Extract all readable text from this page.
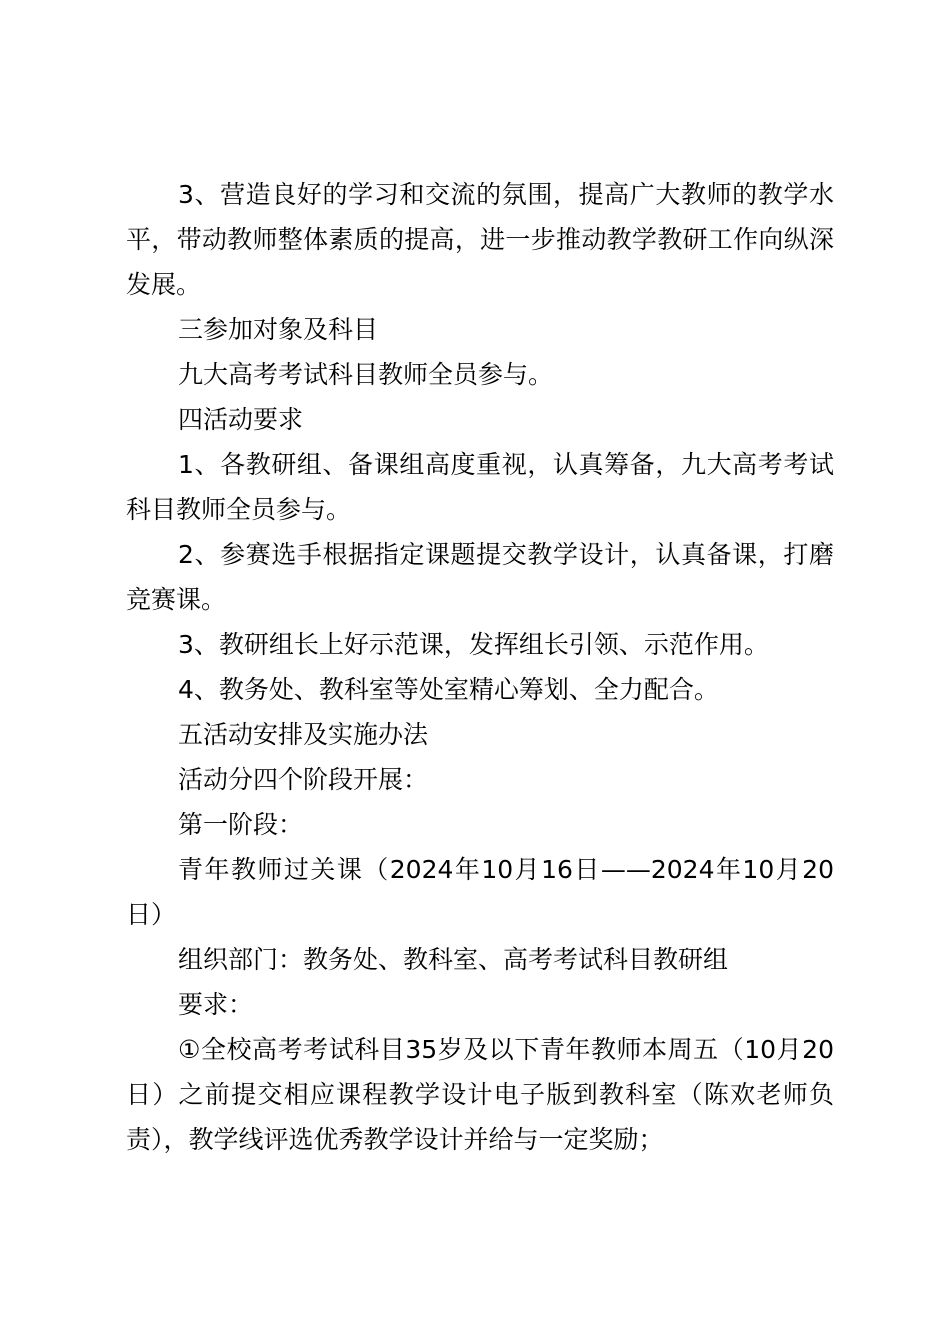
3、营造良好的学习和交流的氛围，提高广大教师的教学水平，带动教师整体素质的提高，进一步推动教学教研工作向纵深发展。

三参加对象及科目

九大高考考试科目教师全员参与。

四活动要求

1、各教研组、备课组高度重视，认真筹备，九大高考考试科目教师全员参与。

2、参赛选手根据指定课题提交教学设计，认真备课，打磨竞赛课。

3、教研组长上好示范课，发挥组长引领、示范作用。

4、教务处、教科室等处室精心筹划、全力配合。

五活动安排及实施办法

活动分四个阶段开展：

第一阶段：

青年教师过关课（2024年10月16日——2024年10月20日）

组织部门：教务处、教科室、高考考试科目教研组

要求：

①全校高考考试科目35岁及以下青年教师本周五（10月20日）之前提交相应课程教学设计电子版到教科室（陈欢老师负责），教学线评选优秀教学设计并给与一定奖励；
